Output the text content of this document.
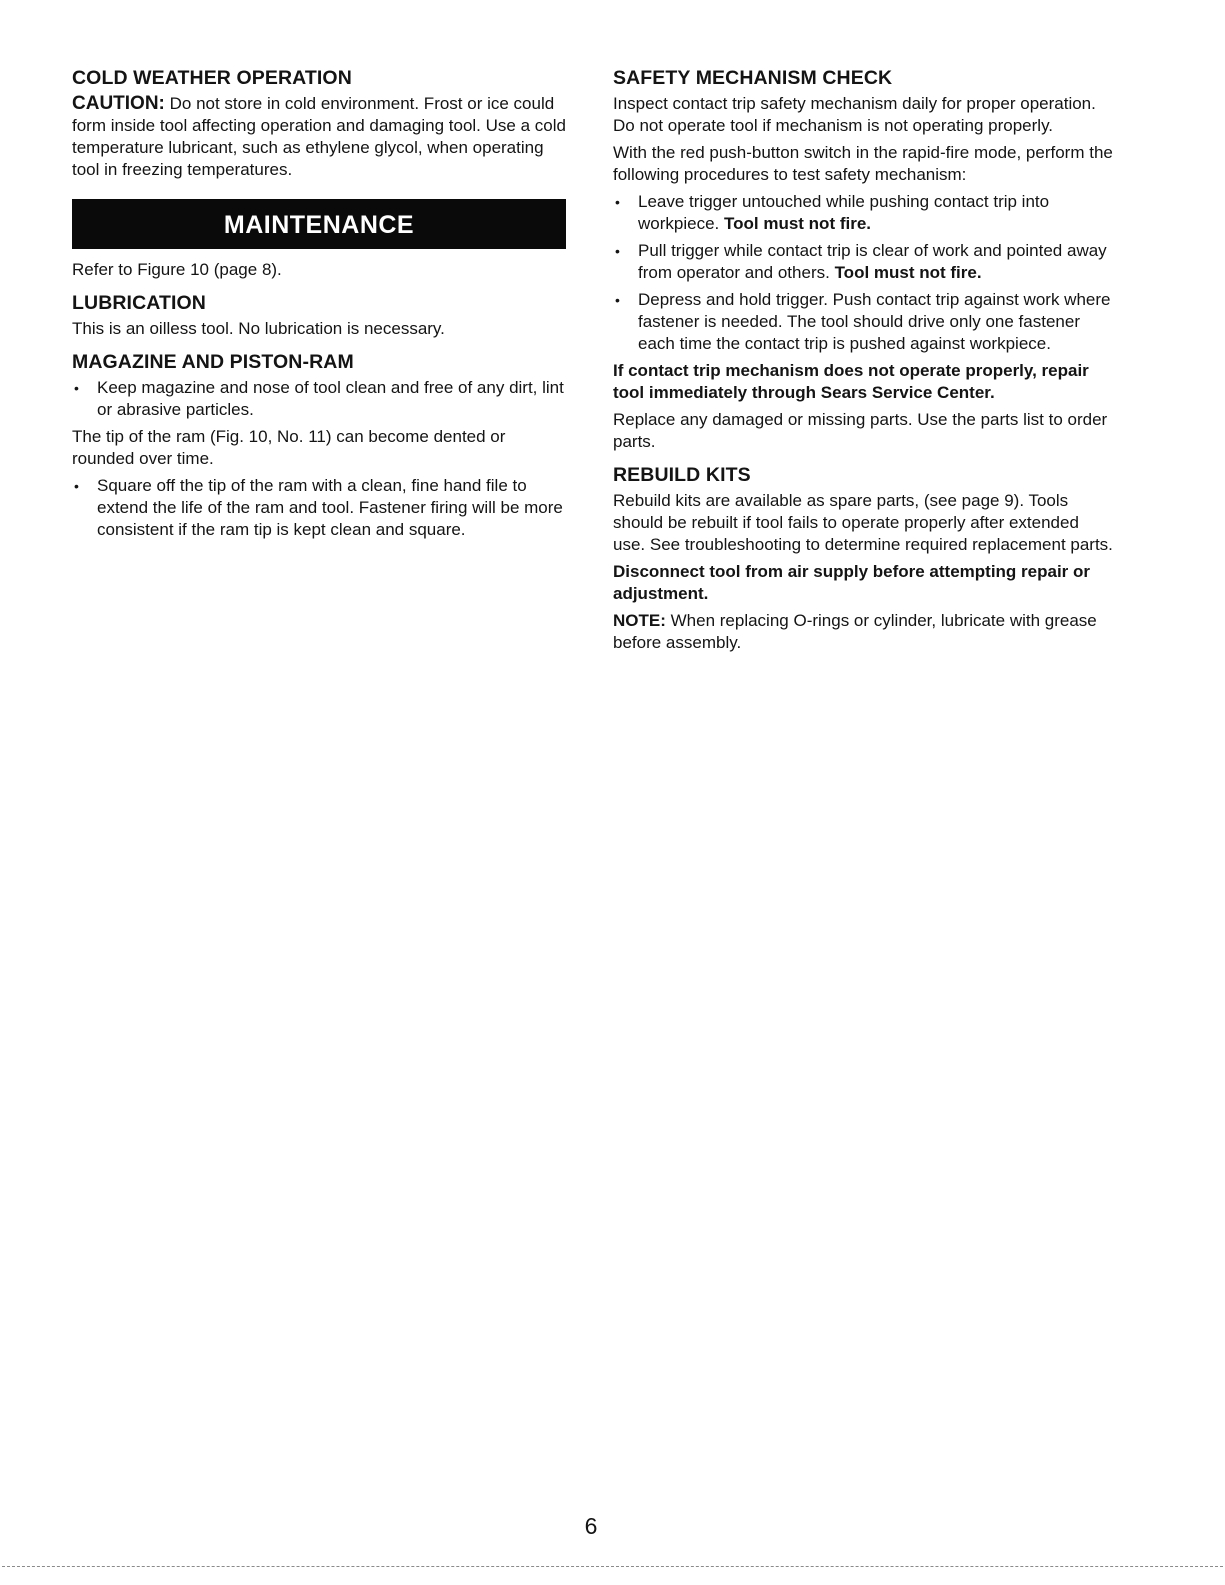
COLD WEATHER OPERATION

CAUTION: Do not store in cold environment. Frost or ice could form inside tool affecting operation and damaging tool. Use a cold temperature lubricant, such as ethylene glycol, when operating tool in freezing temperatures.

MAINTENANCE

Refer to Figure 10 (page 8).

LUBRICATION

This is an oilless tool. No lubrication is necessary.

MAGAZINE AND PISTON-RAM
• Keep magazine and nose of tool clean and free of any dirt, lint or abrasive particles.

The tip of the ram (Fig. 10, No. 11) can become dented or rounded over time.

• Square off the tip of the ram with a clean, fine hand file to extend the life of the ram and tool. Fastener firing will be more consistent if the ram tip is kept clean and square.
SAFETY MECHANISM CHECK

Inspect contact trip safety mechanism daily for proper operation. Do not operate tool if mechanism is not operating properly.

With the red push-button switch in the rapid-fire mode, perform the following procedures to test safety mechanism:

• Leave trigger untouched while pushing contact trip into workpiece. Tool must not fire.
• Pull trigger while contact trip is clear of work and pointed away from operator and others. Tool must not fire.
• Depress and hold trigger. Push contact trip against work where fastener is needed. The tool should drive only one fastener each time the contact trip is pushed against workpiece.

If contact trip mechanism does not operate properly, repair tool immediately through Sears Service Center.

Replace any damaged or missing parts. Use the parts list to order parts.

REBUILD KITS

Rebuild kits are available as spare parts, (see page 9). Tools should be rebuilt if tool fails to operate properly after extended use. See troubleshooting to determine required replacement parts.

Disconnect tool from air supply before attempting repair or adjustment.

NOTE: When replacing O-rings or cylinder, lubricate with grease before assembly.

6
